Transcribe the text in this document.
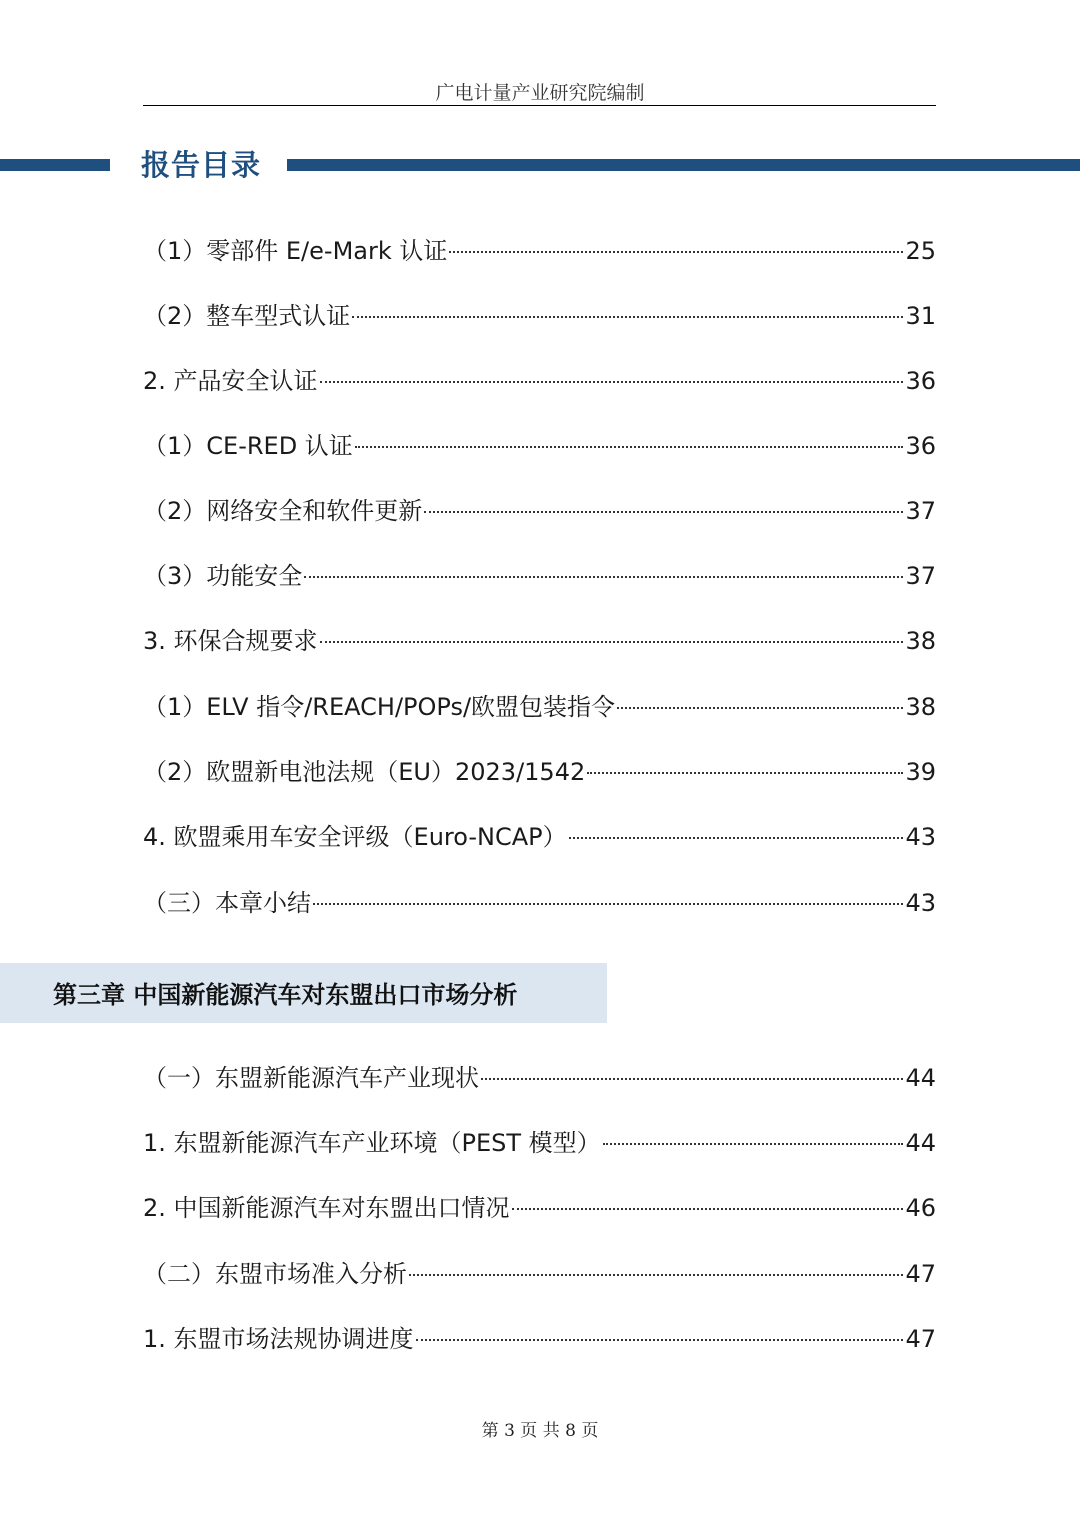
广电计量产业研究院编制
报告目录
（1）零部件 E/e-Mark 认证	25
（2）整车型式认证	31
2. 产品安全认证	36
（1）CE-RED 认证	36
（2）网络安全和软件更新	37
（3）功能安全	37
3. 环保合规要求	38
（1）ELV 指令/REACH/POPs/欧盟包装指令	38
（2）欧盟新电池法规（EU）2023/1542	39
4. 欧盟乘用车安全评级（Euro-NCAP）	43
（三）本章小结	43
第三章 中国新能源汽车对东盟出口市场分析
（一）东盟新能源汽车产业现状	44
1. 东盟新能源汽车产业环境（PEST 模型）	44
2. 中国新能源汽车对东盟出口情况	46
（二）东盟市场准入分析	47
1. 东盟市场法规协调进度	47
第 3 页 共 8 页
